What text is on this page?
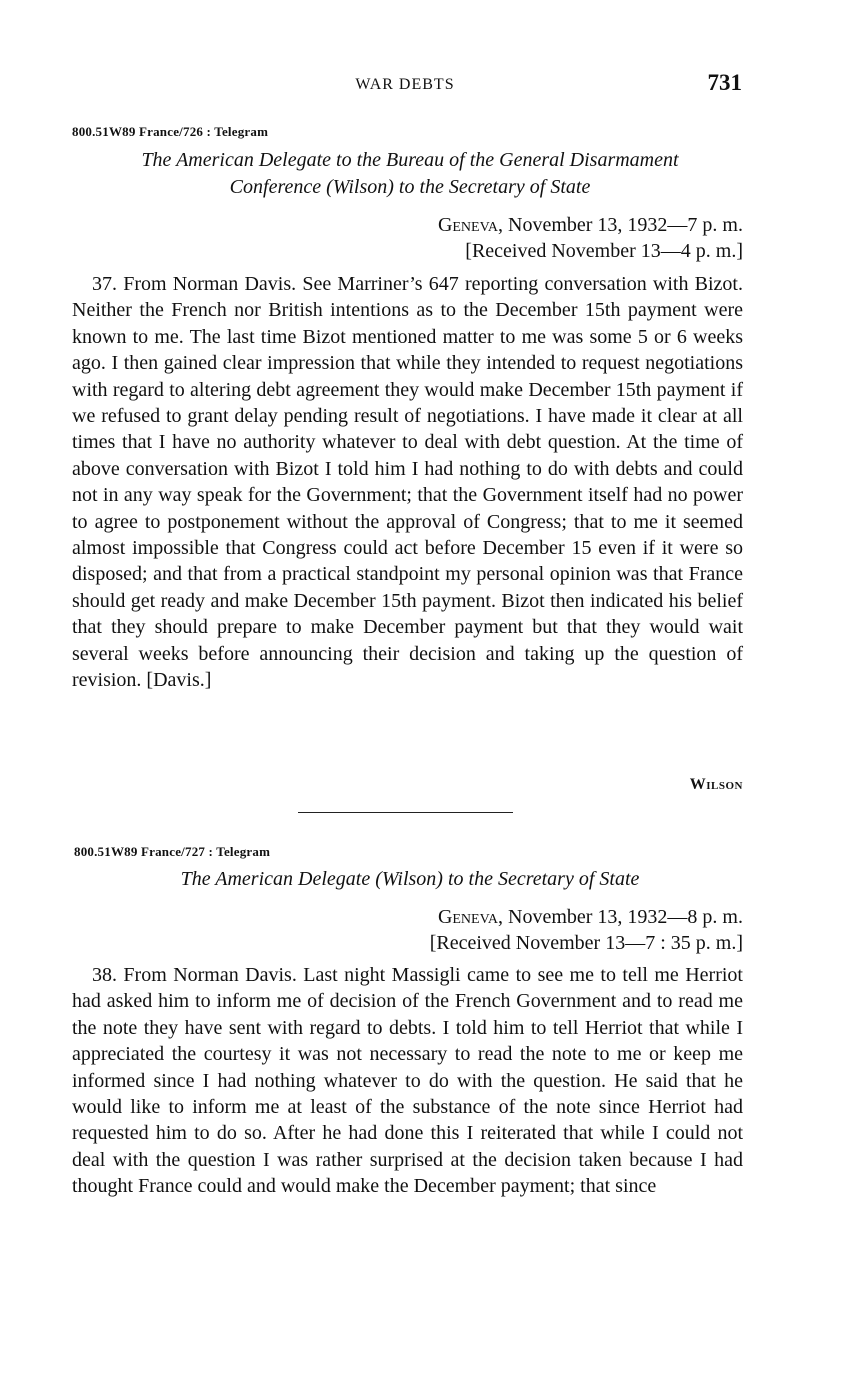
WAR DEBTS	731
800.51W89 France/726 : Telegram
The American Delegate to the Bureau of the General Disarmament
Conference (Wilson) to the Secretary of State
Geneva, November 13, 1932—7 p. m.
[Received November 13—4 p. m.]

37. From Norman Davis. See Marriner’s 647 reporting conversation with Bizot. Neither the French nor British intentions as to the December 15th payment were known to me. The last time Bizot mentioned matter to me was some 5 or 6 weeks ago. I then gained clear impression that while they intended to request negotiations with regard to altering debt agreement they would make December 15th payment if we refused to grant delay pending result of negotiations. I have made it clear at all times that I have no authority whatever to deal with debt question. At the time of above conversation with Bizot I told him I had nothing to do with debts and could not in any way speak for the Government; that the Government itself had no power to agree to postponement without the approval of Congress; that to me it seemed almost impossible that Congress could act before December 15 even if it were so disposed; and that from a practical standpoint my personal opinion was that France should get ready and make December 15th payment. Bizot then indicated his belief that they should prepare to make December payment but that they would wait several weeks before announcing their decision and taking up the question of revision. [Davis.]

Wilson
800.51W89 France/727 : Telegram
The American Delegate (Wilson) to the Secretary of State
Geneva, November 13, 1932—8 p. m.
[Received November 13—7 : 35 p. m.]

38. From Norman Davis. Last night Massigli came to see me to tell me Herriot had asked him to inform me of decision of the French Government and to read me the note they have sent with regard to debts. I told him to tell Herriot that while I appreciated the courtesy it was not necessary to read the note to me or keep me informed since I had nothing whatever to do with the question. He said that he would like to inform me at least of the substance of the note since Herriot had requested him to do so. After he had done this I reiterated that while I could not deal with the question I was rather surprised at the decision taken because I had thought France could and would make the December payment; that since
